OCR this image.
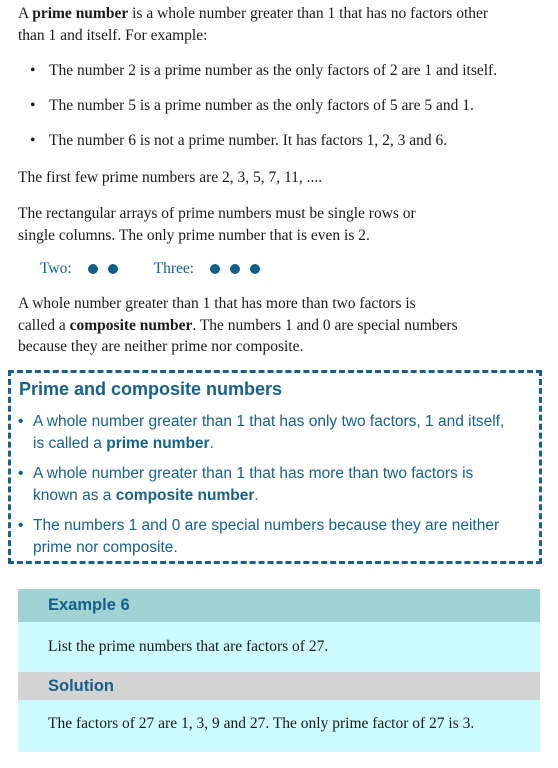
A prime number is a whole number greater than 1 that has no factors other
than 1 and itself. For example:

• The number 2 is a prime number as the only factors of 2 are 1 and itself.
• The number 5 is a prime number as the only factors of 5 are 5 and 1.
• The number 6 is not a prime number. It has factors 1, 2, 3 and 6.

The first few prime numbers are 2, 3, 5, 7, 11, ....

The rectangular arrays of prime numbers must be single rows or
single columns. The only prime number that is even is 2.

Two:	Three:

A whole number greater than 1 that has more than two factors is
called a composite number. The numbers 1 and 0 are special numbers
because they are neither prime nor composite.

Prime and composite numbers
• A whole number greater than 1 that has only two factors, 1 and itself,
is called a prime number.
• A whole number greater than 1 that has more than two factors is
known as a composite number.
• The numbers 1 and 0 are special numbers because they are neither
prime nor composite.
Example 6
List the prime numbers that are factors of 27.
Solution
The factors of 27 are 1, 3, 9 and 27. The only prime factor of 27 is 3.
